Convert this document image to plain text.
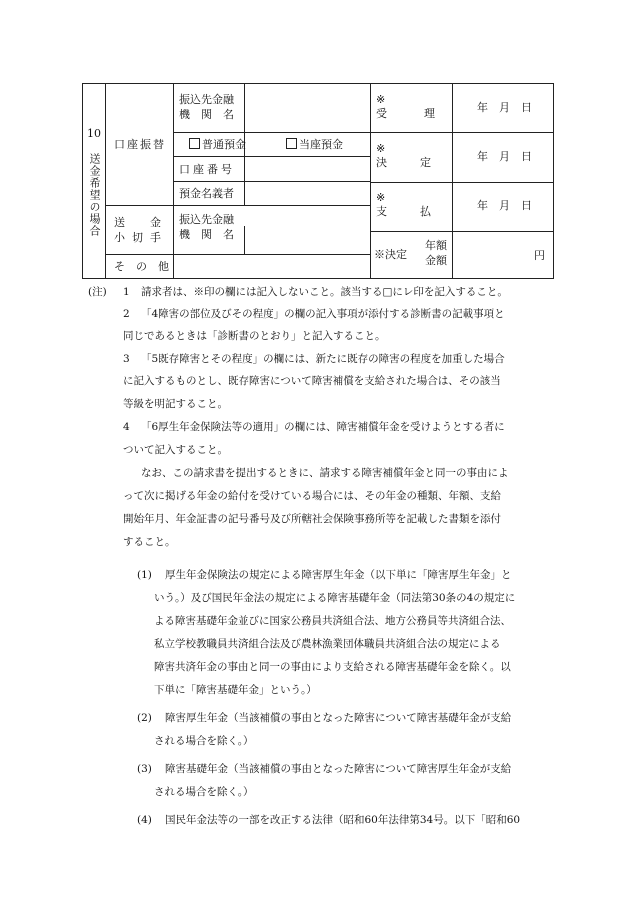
10
送金希望の場合
口座振替
送　　金
小切手
そ　の　他
振込先金融
機　関　名
普通預金	当座預金
口座番号
預金名義者
振込先金融
機　関　名
※
受　　　理
※
決　　　定
※
支　　　払
※決定
年額
金額
年　月　日
年　月　日
年　月　日
円
(注) 1 請求者は、※印の欄には記入しないこと。該当する□にレ印を記入すること。
2 「4障害の部位及びその程度」の欄の記入事項が添付する診断書の記載事項と
同じであるときは「診断書のとおり」と記入すること。
3 「5既存障害とその程度」の欄には、新たに既存の障害の程度を加重した場合
に記入するものとし、既存障害について障害補償を支給された場合は、その該当
等級を明記すること。
4 「6厚生年金保険法等の適用」の欄には、障害補償年金を受けようとする者に
ついて記入すること。
なお、この請求書を提出するときに、請求する障害補償年金と同一の事由によ
って次に掲げる年金の給付を受けている場合には、その年金の種類、年額、支給
開始年月、年金証書の記号番号及び所轄社会保険事務所等を記載した書類を添付
すること。
(1) 厚生年金保険法の規定による障害厚生年金（以下単に「障害厚生年金」と
いう。）及び国民年金法の規定による障害基礎年金（同法第30条の4の規定に
よる障害基礎年金並びに国家公務員共済組合法、地方公務員等共済組合法、
私立学校教職員共済組合法及び農林漁業団体職員共済組合法の規定による
障害共済年金の事由と同一の事由により支給される障害基礎年金を除く。以
下単に「障害基礎年金」という。）
(2) 障害厚生年金（当該補償の事由となった障害について障害基礎年金が支給
される場合を除く。）
(3) 障害基礎年金（当該補償の事由となった障害について障害厚生年金が支給
される場合を除く。）
(4) 国民年金法等の一部を改正する法律（昭和60年法律第34号。以下「昭和60
